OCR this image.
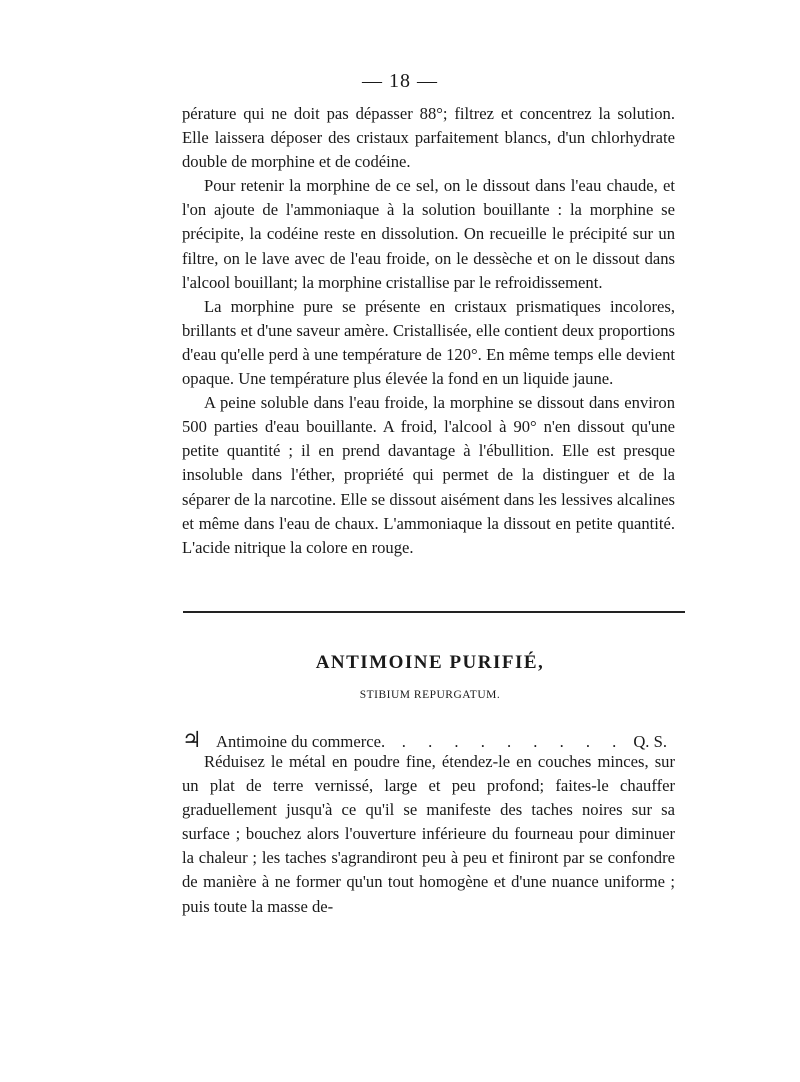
— 18 —

pérature qui ne doit pas dépasser 88°; filtrez et concentrez la solution. Elle laissera déposer des cristaux parfaitement blancs, d'un chlorhydrate double de morphine et de codéine.

Pour retenir la morphine de ce sel, on le dissout dans l'eau chaude, et l'on ajoute de l'ammoniaque à la solution bouillante : la morphine se précipite, la codéine reste en dissolution. On recueille le précipité sur un filtre, on le lave avec de l'eau froide, on le dessèche et on le dissout dans l'alcool bouillant; la morphine cristallise par le refroidissement.

La morphine pure se présente en cristaux prismatiques incolores, brillants et d'une saveur amère. Cristallisée, elle contient deux proportions d'eau qu'elle perd à une température de 120°. En même temps elle devient opaque. Une température plus élevée la fond en un liquide jaune.

A peine soluble dans l'eau froide, la morphine se dissout dans environ 500 parties d'eau bouillante. A froid, l'alcool à 90° n'en dissout qu'une petite quantité ; il en prend davantage à l'ébullition. Elle est presque insoluble dans l'éther, propriété qui permet de la distinguer et de la séparer de la narcotine. Elle se dissout aisément dans les lessives alcalines et même dans l'eau de chaux. L'ammoniaque la dissout en petite quantité. L'acide nitrique la colore en rouge.

ANTIMOINE PURIFIÉ,
STIBIUM REPURGATUM.
♃ Antimoine du commerce.	. . . . . . . . . Q. S.

Réduisez le métal en poudre fine, étendez-le en couches minces, sur un plat de terre vernissé, large et peu profond; faites-le chauffer graduellement jusqu'à ce qu'il se manifeste des taches noires sur sa surface ; bouchez alors l'ouverture inférieure du fourneau pour diminuer la chaleur ; les taches s'agrandiront peu à peu et finiront par se confondre de manière à ne former qu'un tout homogène et d'une nuance uniforme ; puis toute la masse de-
